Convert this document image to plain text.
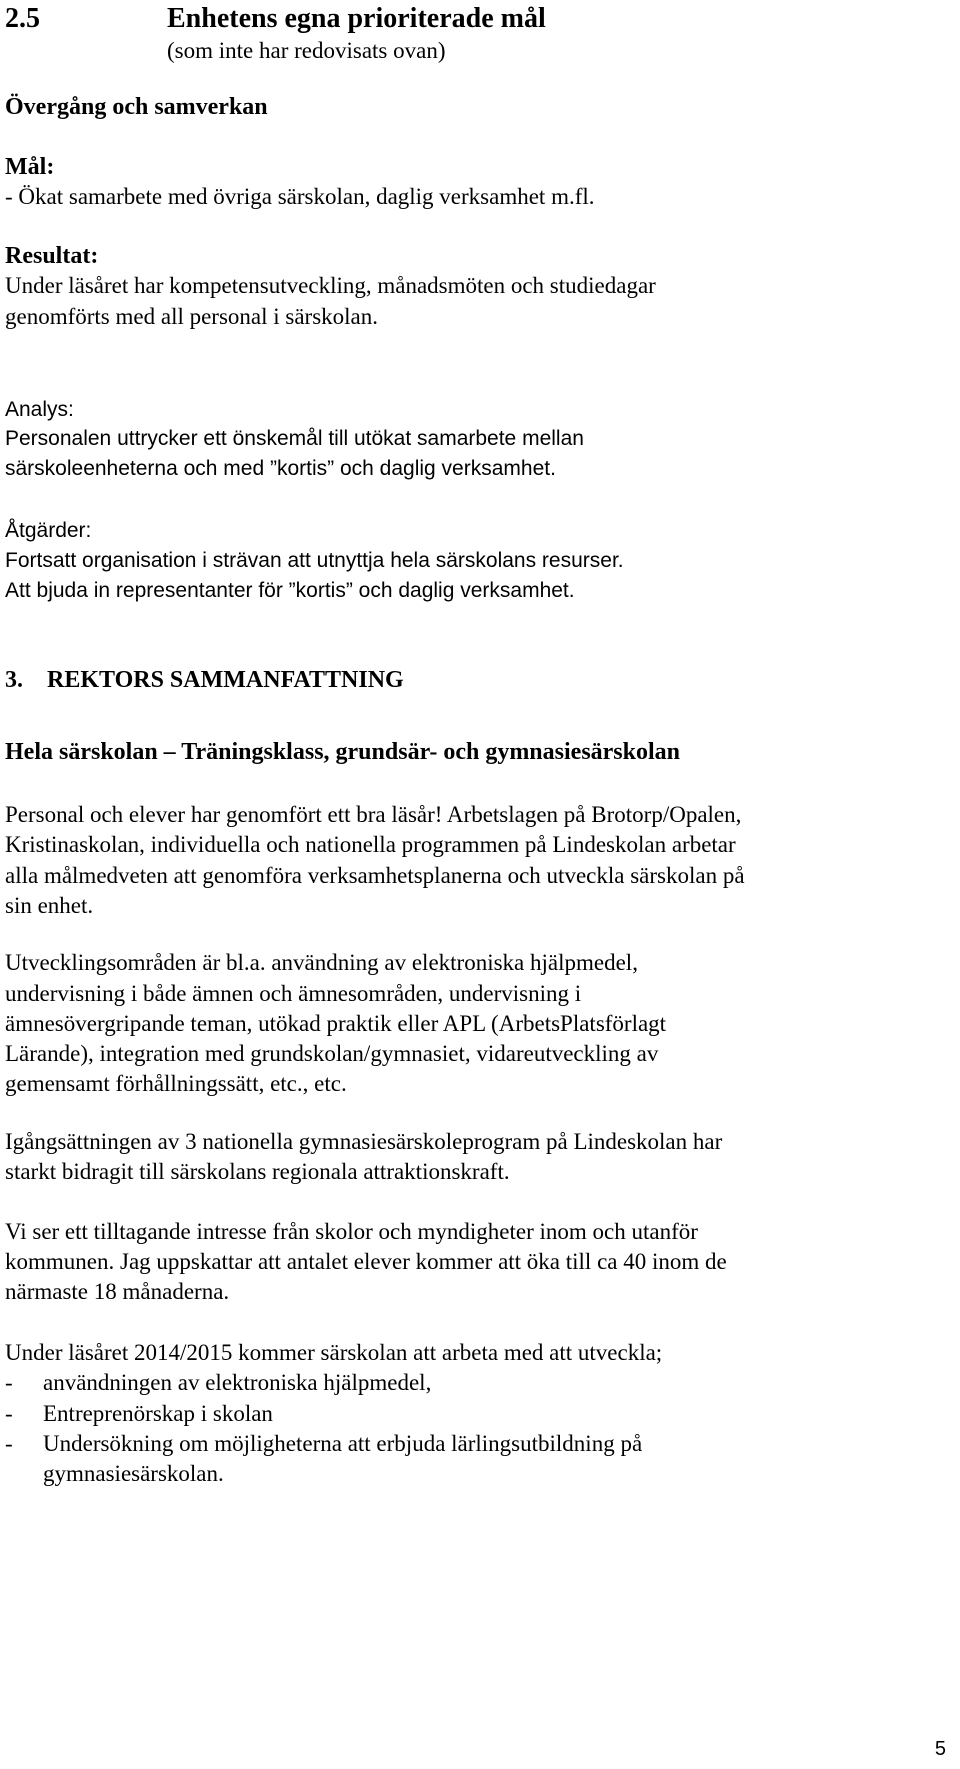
2.5	Enhetens egna prioriterade mål
(som inte har redovisats ovan)
Övergång och samverkan
Mål:
- Ökat samarbete med övriga särskolan, daglig verksamhet m.fl.
Resultat:
Under läsåret har kompetensutveckling, månadsmöten och studiedagar
genomförts med all personal i särskolan.
Analys:
Personalen uttrycker ett önskemål till utökat samarbete mellan
särskoleenheterna och med ”kortis” och daglig verksamhet.
Åtgärder:
Fortsatt organisation i strävan att utnyttja hela särskolans resurser.
Att bjuda in representanter för ”kortis” och daglig verksamhet.
3.    REKTORS SAMMANFATTNING
Hela särskolan – Träningsklass, grundsär- och gymnasiesärskolan
Personal och elever har genomfört ett bra läsår! Arbetslagen på Brotorp/Opalen,
Kristinaskolan, individuella och nationella programmen på Lindeskolan arbetar
alla målmedveten att genomföra verksamhetsplanerna och utveckla särskolan på
sin enhet.
Utvecklingsområden är bl.a. användning av elektroniska hjälpmedel,
undervisning i både ämnen och ämnesområden, undervisning i
ämnesövergripande teman, utökad praktik eller APL (ArbetsPlatsförlagt
Lärande), integration med grundskolan/gymnasiet, vidareutveckling av
gemensamt förhållningssätt, etc., etc.
Igångsättningen av 3 nationella gymnasiesärskoleprogram på Lindeskolan har
starkt bidragit till särskolans regionala attraktionskraft.
Vi ser ett tilltagande intresse från skolor och myndigheter inom och utanför
kommunen. Jag uppskattar att antalet elever kommer att öka till ca 40 inom de
närmaste 18 månaderna.
Under läsåret 2014/2015 kommer särskolan att arbeta med att utveckla;
- användningen av elektroniska hjälpmedel,
- Entreprenörskap i skolan
- Undersökning om möjligheterna att erbjuda lärlingsutbildning på
gymnasiesärskolan.
5
